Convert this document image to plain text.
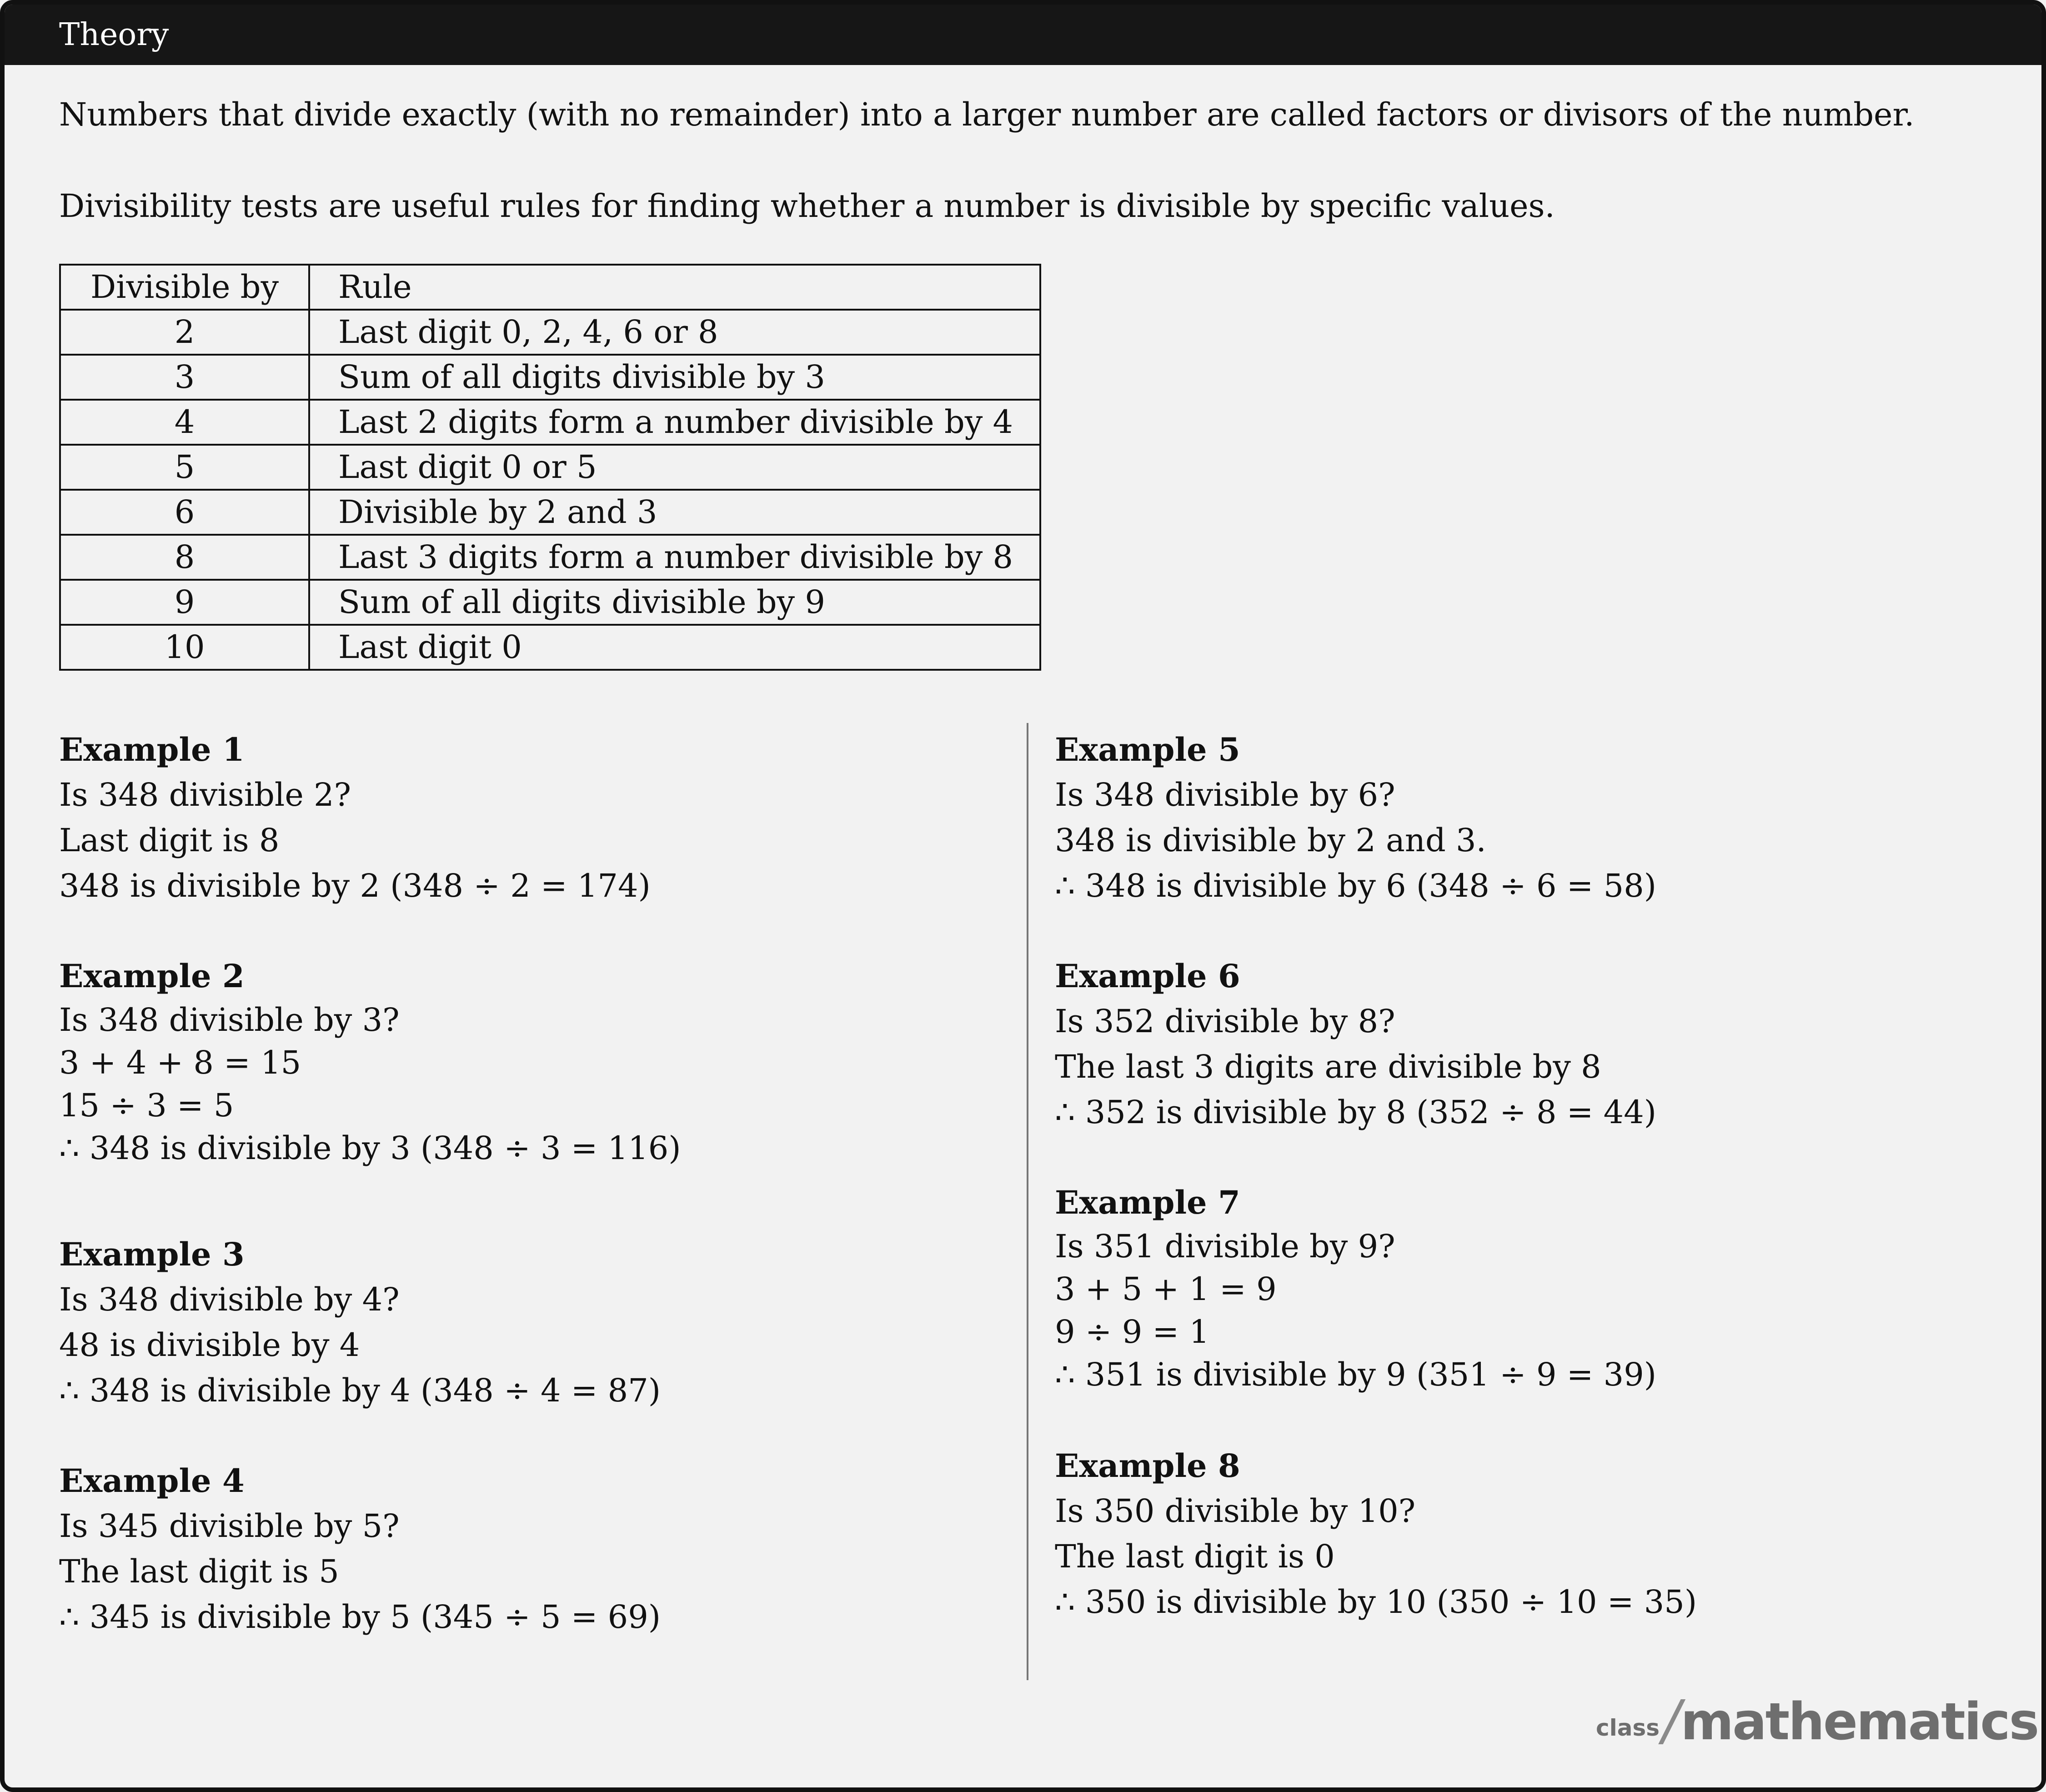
Theory
Numbers that divide exactly (with no remainder) into a larger number are called factors or divisors of the number.
Divisibility tests are useful rules for finding whether a number is divisible by specific values.
Divisible by	Rule
2	Last digit 0, 2, 4, 6 or 8
3	Sum of all digits divisible by 3
4	Last 2 digits form a number divisible by 4
5	Last digit 0 or 5
6	Divisible by 2 and 3
8	Last 3 digits form a number divisible by 8
9	Sum of all digits divisible by 9
10	Last digit 0
Example 1
Is 348 divisible 2?
Last digit is 8
348 is divisible by 2 (348 ÷ 2 = 174)
Example 2
Is 348 divisible by 3?
3 + 4 + 8 = 15
15 ÷ 3 = 5
∴ 348 is divisible by 3 (348 ÷ 3 = 116)
Example 3
Is 348 divisible by 4?
48 is divisible by 4
∴ 348 is divisible by 4 (348 ÷ 4 = 87)
Example 4
Is 345 divisible by 5?
The last digit is 5
∴ 345 is divisible by 5 (345 ÷ 5 = 69)
Example 5
Is 348 divisible by 6?
348 is divisible by 2 and 3.
∴ 348 is divisible by 6 (348 ÷ 6 = 58)
Example 6
Is 352 divisible by 8?
The last 3 digits are divisible by 8
∴ 352 is divisible by 8 (352 ÷ 8 = 44)
Example 7
Is 351 divisible by 9?
3 + 5 + 1 = 9
9 ÷ 9 = 1
∴ 351 is divisible by 9 (351 ÷ 9 = 39)
Example 8
Is 350 divisible by 10?
The last digit is 0
∴ 350 is divisible by 10 (350 ÷ 10 = 35)
class/mathematics
